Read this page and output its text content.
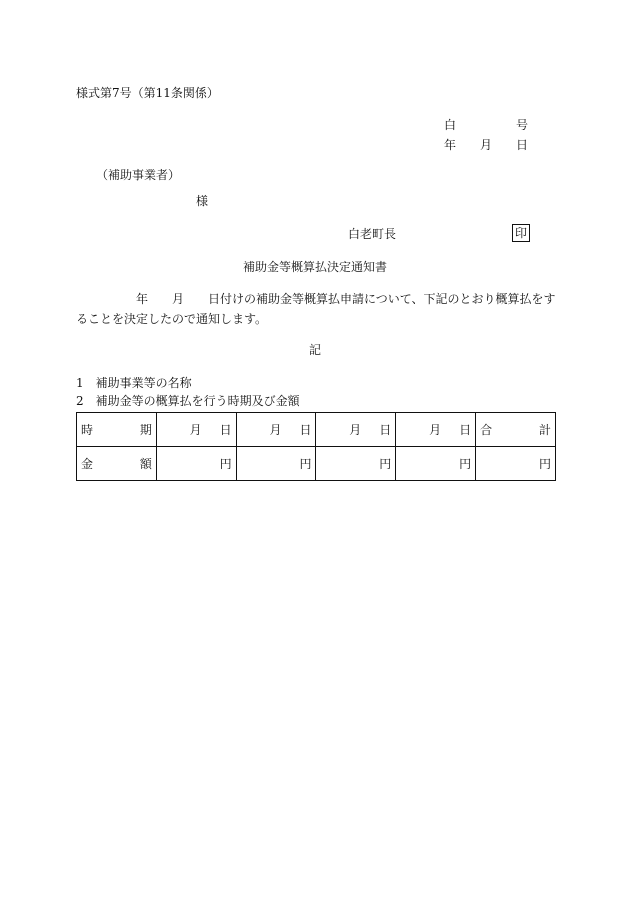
様式第7号（第11条関係）
白	号
年 月 日
（補助事業者）
様
白老町長	印
補助金等概算払決定通知書
年 月 日付けの補助金等概算払申請について、下記のとおり概算払をす
ることを決定したので通知します。
記
1　補助事業等の名称
2　補助金等の概算払を行う時期及び金額
時 期	月 日	月 日	月 日	月 日	合 計

金 額	円	円	円	円	円
